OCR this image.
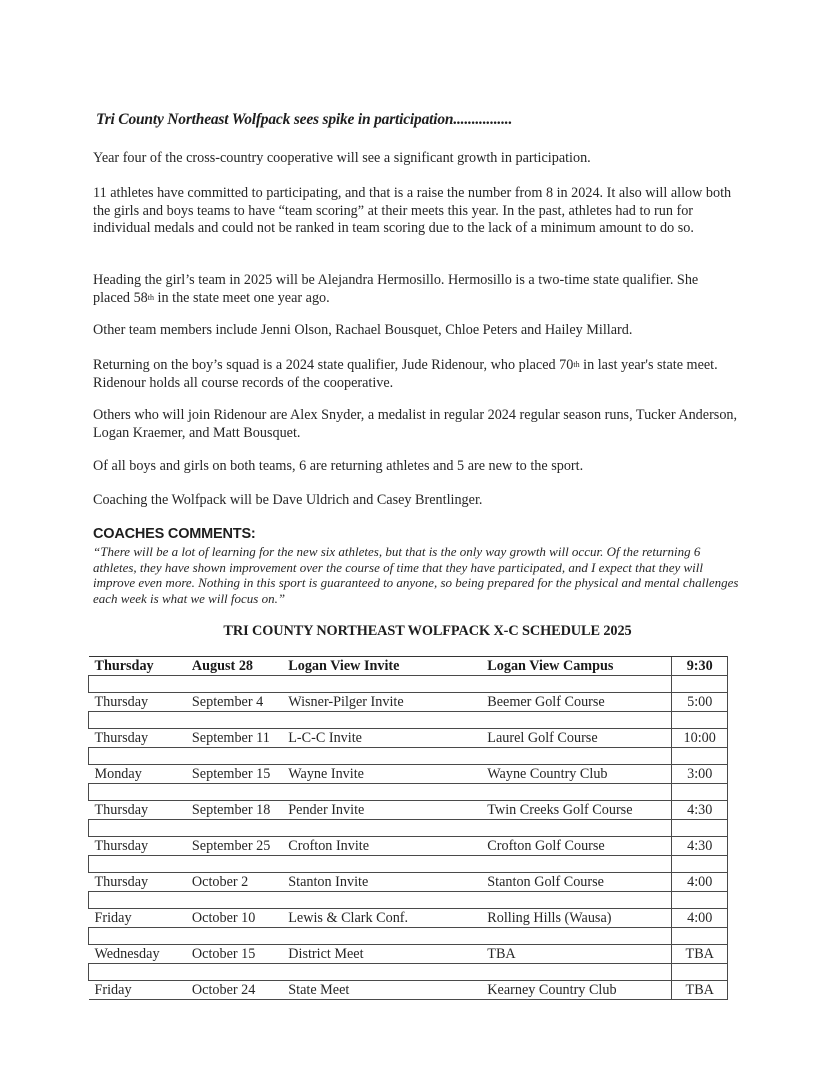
Tri County Northeast Wolfpack sees spike in participation................
Year four of the cross-country cooperative will see a significant growth in participation.
11 athletes have committed to participating, and that is a raise the number from 8 in 2024. It also will allow both the girls and boys teams to have “team scoring” at their meets this year. In the past, athletes had to run for individual medals and could not be ranked in team scoring due to the lack of a minimum amount to do so.
Heading the girl’s team in 2025 will be Alejandra Hermosillo. Hermosillo is a two-time state qualifier. She placed 58th in the state meet one year ago.
Other team members include Jenni Olson, Rachael Bousquet, Chloe Peters and Hailey Millard.
Returning on the boy’s squad is a 2024 state qualifier, Jude Ridenour, who placed 70th in last year's state meet. Ridenour holds all course records of the cooperative.
Others who will join Ridenour are Alex Snyder, a medalist in regular 2024 regular season runs, Tucker Anderson, Logan Kraemer, and Matt Bousquet.
Of all boys and girls on both teams, 6 are returning athletes and 5 are new to the sport.
Coaching the Wolfpack will be Dave Uldrich and Casey Brentlinger.
COACHES COMMENTS:
“There will be a lot of learning for the new six athletes, but that is the only way growth will occur. Of the returning 6 athletes, they have shown improvement over the course of time that they have participated, and I expect that they will improve even more. Nothing in this sport is guaranteed to anyone, so being prepared for the physical and mental challenges each week is what we will focus on.”
TRI COUNTY NORTHEAST WOLFPACK X-C SCHEDULE 2025
Thursday	August 28	Logan View Invite	Logan View Campus	9:30

Thursday	September 4	Wisner-Pilger Invite	Beemer Golf Course	5:00

Thursday	September 11	L-C-C Invite	Laurel Golf Course	10:00

Monday	September 15	Wayne Invite	Wayne Country Club	3:00

Thursday	September 18	Pender Invite	Twin Creeks Golf Course	4:30

Thursday	September 25	Crofton Invite	Crofton Golf Course	4:30

Thursday	October 2	Stanton Invite	Stanton Golf Course	4:00

Friday	October 10	Lewis & Clark Conf.	Rolling Hills (Wausa)	4:00

Wednesday	October 15	District Meet	TBA	TBA

Friday	October 24	State Meet	Kearney Country Club	TBA
